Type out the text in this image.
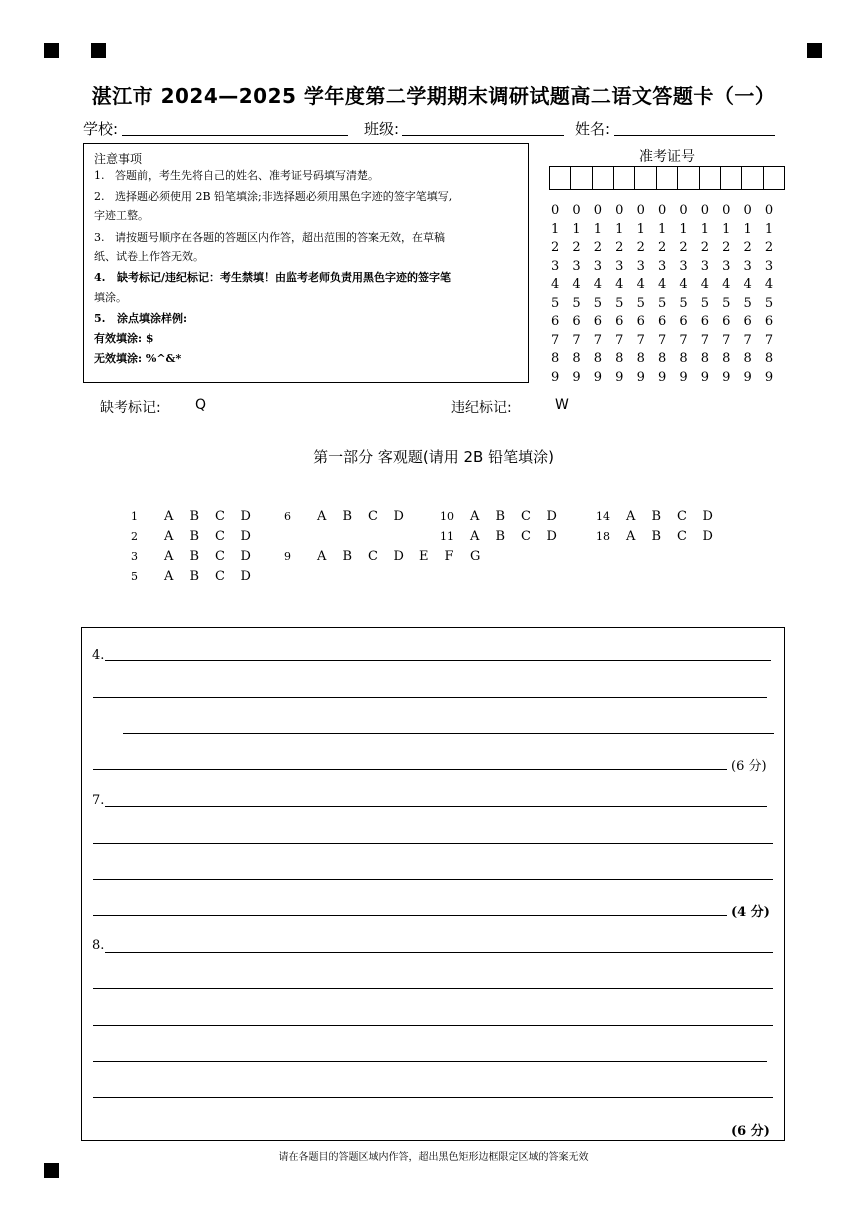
湛江市 2024—2025 学年度第二学期期末调研试题高二语文答题卡（一）
学校:	班级:	姓名:
注意事项
1.   答题前，考生先将自己的姓名、准考证号码填写清楚。
2.   选择题必须使用 2B 铅笔填涂;非选择题必须用黑色字迹的签字笔填写,
字迹工整。
3.   请按题号顺序在各题的答题区内作答，超出范围的答案无效，在草稿
纸、试卷上作答无效。
4.   缺考标记/违纪标记：考生禁填！由监考老师负责用黑色字迹的签字笔
填涂。
5.   涂点填涂样例:
有效填涂: $
无效填涂: %^&*
准考证号
0	0	0	0	0	0	0	0	0	0	0
1	1	1	1	1	1	1	1	1	1	1
2	2	2	2	2	2	2	2	2	2	2
3	3	3	3	3	3	3	3	3	3	3
4	4	4	4	4	4	4	4	4	4	4
5	5	5	5	5	5	5	5	5	5	5
6	6	6	6	6	6	6	6	6	6	6
7	7	7	7	7	7	7	7	7	7	7
8	8	8	8	8	8	8	8	8	8	8
9	9	9	9	9	9	9	9	9	9	9
缺考标记: Q	违纪标记:	W
第一部分 客观题(请用 2B 铅笔填涂)
1 A B C D
2 A B C D
3 A B C D
5 A B C D
6 A B C D
9 A B C D E F G
10 A B C D
11 A B C D
14 A B C D
18 A B C D
4.
(6 分)
7.
(4 分)
8.
(6 分)
请在各题目的答题区域内作答，超出黑色矩形边框限定区域的答案无效
